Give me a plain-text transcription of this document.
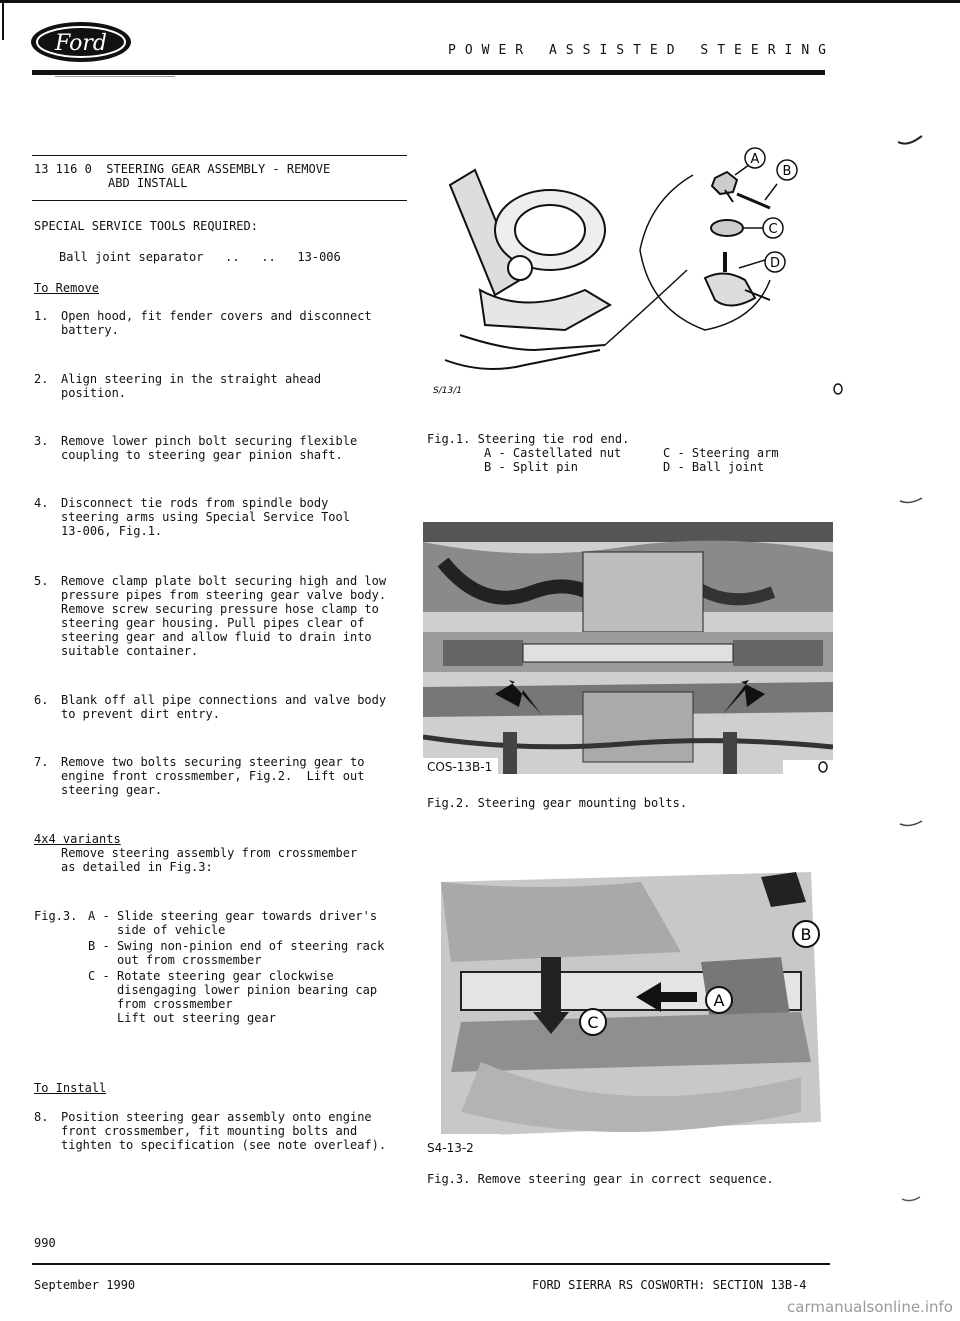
Ford	POWER ASSISTED STEERING
13 116 0  STEERING GEAR ASSEMBLY - REMOVE
ABD INSTALL
SPECIAL SERVICE TOOLS REQUIRED:
Ball joint separator   ..   ..   13-006
To Remove
1. Open hood, fit fender covers and disconnect
battery.
2. Align steering in the straight ahead
position.
3. Remove lower pinch bolt securing flexible
coupling to steering gear pinion shaft.
4. Disconnect tie rods from spindle body
steering arms using Special Service Tool
13-006, Fig.1.
5. Remove clamp plate bolt securing high and low
pressure pipes from steering gear valve body.
Remove screw securing pressure hose clamp to
steering gear housing. Pull pipes clear of
steering gear and allow fluid to drain into
suitable container.
6. Blank off all pipe connections and valve body
to prevent dirt entry.
7. Remove two bolts securing steering gear to
engine front crossmember, Fig.2.  Lift out
steering gear.
4x4 variants
Remove steering assembly from crossmember
as detailed in Fig.3:
Fig.3. A - Slide steering gear towards driver's
side of vehicle
B - Swing non-pinion end of steering rack
out from crossmember
C - Rotate steering gear clockwise
disengaging lower pinion bearing cap
from crossmember
Lift out steering gear
To Install
8. Position steering gear assembly onto engine
front crossmember, fit mounting bolts and
tighten to specification (see note overleaf).
990
A
B
C
D
S/13/1
Fig.1. Steering tie rod end.
A - Castellated nut
B - Split pin
C - Steering arm
D - Ball joint
COS-13B-1
Fig.2. Steering gear mounting bolts.
S4-13-2
B
A
C
Fig.3. Remove steering gear in correct sequence.
September 1990	FORD SIERRA RS COSWORTH: SECTION 13B-4
carmanualsonline.info
